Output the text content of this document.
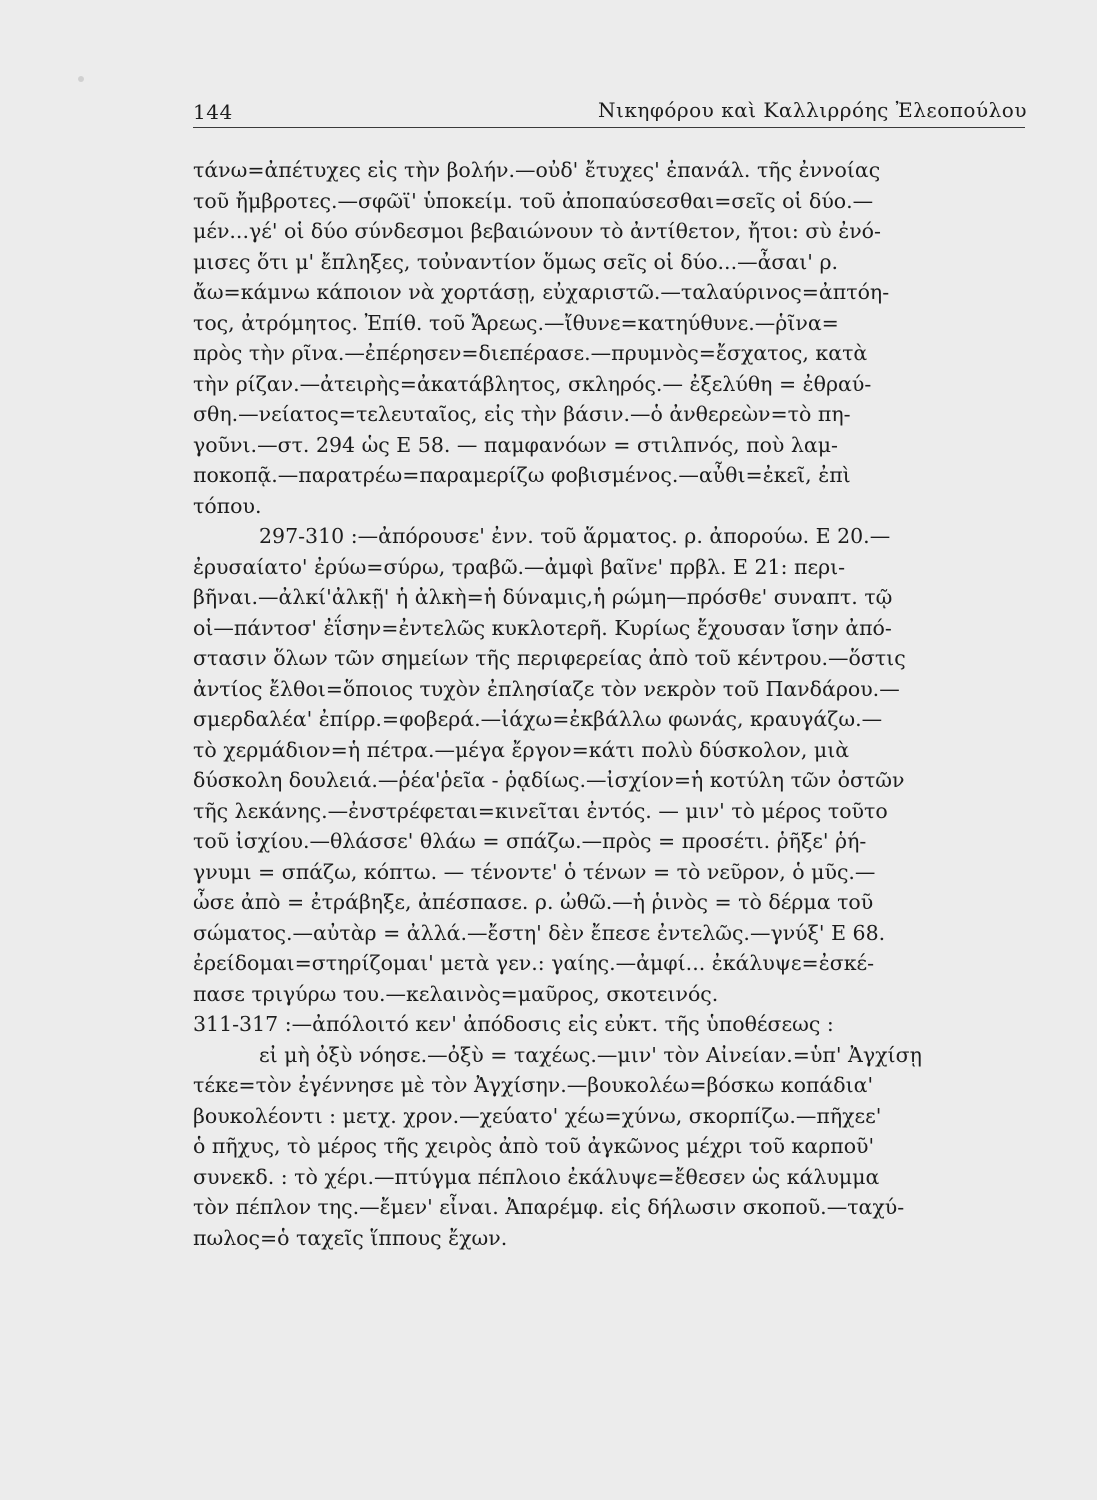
144	Νικηφόρου καὶ Καλλιρρόης Ἐλεοπούλου
τάνω=ἀπέτυχες εἰς τὴν βολήν.—οὐδ' ἔτυχες' ἐπανάλ. τῆς ἐννοίας
τοῦ ἤμβροτες.—σφῶϊ' ὑποκείμ. τοῦ ἀποπαύσεσθαι=σεῖς οἱ δύο.—
μέν...γέ' οἱ δύο σύνδεσμοι βεβαιώνουν τὸ ἀντίθετον, ἤτοι: σὺ ἐνό-
μισες ὅτι μ' ἔπληξες, τοὐναντίον ὅμως σεῖς οἱ δύο...—ἆσαι' ρ.
ἄω=κάμνω κάποιον νὰ χορτάσῃ, εὐχαριστῶ.—ταλαύρινος=ἀπτόη-
τος, ἀτρόμητος. Ἐπίθ. τοῦ Ἄρεως.—ἴθυνε=κατηύθυνε.—ῥῖνα=
πρὸς τὴν ρῖνα.—ἐπέρησεν=διεπέρασε.—πρυμνὸς=ἔσχατος, κατὰ
τὴν ρίζαν.—ἀτειρὴς=ἀκατάβλητος, σκληρός.— ἐξελύθη = ἐθραύ-
σθη.—νείατος=τελευταῖος, εἰς τὴν βάσιν.—ὁ ἀνθερεὼν=τὸ πη-
γοῦνι.—στ. 294 ὡς Ε 58. — παμφανόων = στιλπνός, ποὺ λαμ-
ποκοπᾷ.—παρατρέω=παραμερίζω φοβισμένος.—αὖθι=ἐκεῖ, ἐπὶ
τόπου.
297-310 :—ἀπόρουσε' ἐνν. τοῦ ἅρματος. ρ. ἀπορούω. Ε 20.—
ἐρυσαίατο' ἐρύω=σύρω, τραβῶ.—ἀμφὶ βαῖνε' πρβλ. Ε 21: περι-
βῆναι.—ἀλκί'ἀλκῇ' ἡ ἀλκὴ=ἡ δύναμις,ἡ ρώμη—πρόσθε' συναπτ. τῷ
οἱ—πάντοσ' ἐΐσην=ἐντελῶς κυκλοτερῆ. Κυρίως ἔχουσαν ἴσην ἀπό-
στασιν ὅλων τῶν σημείων τῆς περιφερείας ἀπὸ τοῦ κέντρου.—ὅστις
ἀντίος ἔλθοι=ὅποιος τυχὸν ἐπλησίαζε τὸν νεκρὸν τοῦ Πανδάρου.—
σμερδαλέα' ἐπίρρ.=φοβερά.—ἰάχω=ἐκβάλλω φωνάς, κραυγάζω.—
τὸ χερμάδιον=ἡ πέτρα.—μέγα ἔργον=κάτι πολὺ δύσκολον, μιὰ
δύσκολη δουλειά.—ῥέα'ῥεῖα - ῥᾳδίως.—ἰσχίον=ἡ κοτύλη τῶν ὀστῶν
τῆς λεκάνης.—ἐνστρέφεται=κινεῖται ἐντός. — μιν' τὸ μέρος τοῦτο
τοῦ ἰσχίου.—θλάσσε' θλάω = σπάζω.—πρὸς = προσέτι. ῥῆξε' ῥή-
γνυμι = σπάζω, κόπτω. — τένοντε' ὁ τένων = τὸ νεῦρον, ὁ μῦς.—
ὦσε ἀπὸ = ἐτράβηξε, ἀπέσπασε. ρ. ὠθῶ.—ἡ ῥινὸς = τὸ δέρμα τοῦ
σώματος.—αὐτὰρ = ἀλλά.—ἔστη' δὲν ἔπεσε ἐντελῶς.—γνύξ' Ε 68.
ἐρείδομαι=στηρίζομαι' μετὰ γεν.: γαίης.—ἀμφί... ἐκάλυψε=ἐσκέ-
πασε τριγύρω του.—κελαινὸς=μαῦρος, σκοτεινός.
311-317 :—ἀπόλοιτό κεν' ἀπόδοσις εἰς εὐκτ. τῆς ὑποθέσεως :
εἰ μὴ ὀξὺ νόησε.—ὀξὺ = ταχέως.—μιν' τὸν Αἰνείαν.=ὑπ' Ἀγχίσῃ
τέκε=τὸν ἐγέννησε μὲ τὸν Ἀγχίσην.—βουκολέω=βόσκω κοπάδια'
βουκολέοντι : μετχ. χρον.—χεύατο' χέω=χύνω, σκορπίζω.—πῆχεε'
ὁ πῆχυς, τὸ μέρος τῆς χειρὸς ἀπὸ τοῦ ἀγκῶνος μέχρι τοῦ καρποῦ'
συνεκδ. : τὸ χέρι.—πτύγμα πέπλοιο ἐκάλυψε=ἔθεσεν ὡς κάλυμμα
τὸν πέπλον της.—ἔμεν' εἶναι. Ἀπαρέμφ. εἰς δήλωσιν σκοποῦ.—ταχύ-
πωλος=ὁ ταχεῖς ἵππους ἔχων.
